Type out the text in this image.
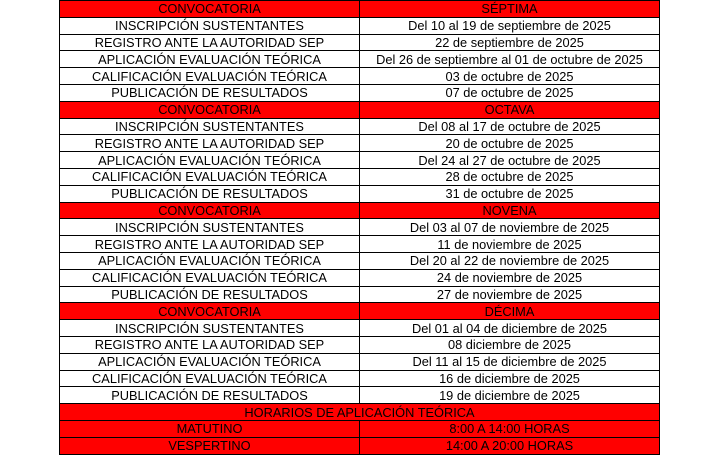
CONVOCATORIA	SÉPTIMA
INSCRIPCIÓN SUSTENTANTES	Del 10 al 19 de septiembre de 2025
REGISTRO ANTE LA AUTORIDAD SEP	22 de septiembre de 2025
APLICACIÓN EVALUACIÓN TEÓRICA	Del 26 de septiembre al 01 de octubre de 2025
CALIFICACIÓN EVALUACIÓN TEÓRICA	03 de octubre de 2025
PUBLICACIÓN DE RESULTADOS	07 de octubre de 2025
CONVOCATORIA	OCTAVA
INSCRIPCIÓN SUSTENTANTES	Del 08 al 17 de octubre de 2025
REGISTRO ANTE LA AUTORIDAD SEP	20 de octubre de 2025
APLICACIÓN EVALUACIÓN TEÓRICA	Del 24 al 27 de octubre de 2025
CALIFICACIÓN EVALUACIÓN TEÓRICA	28 de octubre de 2025
PUBLICACIÓN DE RESULTADOS	31 de octubre de 2025
CONVOCATORIA	NOVENA
INSCRIPCIÓN SUSTENTANTES	Del 03 al 07 de noviembre de 2025
REGISTRO ANTE LA AUTORIDAD SEP	11 de noviembre de 2025
APLICACIÓN EVALUACIÓN TEÓRICA	Del 20 al 22 de noviembre de 2025
CALIFICACIÓN EVALUACIÓN TEÓRICA	24 de noviembre de 2025
PUBLICACIÓN DE RESULTADOS	27 de noviembre de 2025
CONVOCATORIA	DÉCIMA
INSCRIPCIÓN SUSTENTANTES	Del 01 al 04 de diciembre de 2025
REGISTRO ANTE LA AUTORIDAD SEP	08 diciembre de 2025
APLICACIÓN EVALUACIÓN TEÓRICA	Del 11 al 15 de diciembre de 2025
CALIFICACIÓN EVALUACIÓN TEÓRICA	16 de diciembre de 2025
PUBLICACIÓN DE RESULTADOS	19 de diciembre de 2025
HORARIOS DE APLICACIÓN TEÓRICA	
MATUTINO	8:00 A 14:00 HORAS
VESPERTINO	14:00 A 20:00 HORAS
